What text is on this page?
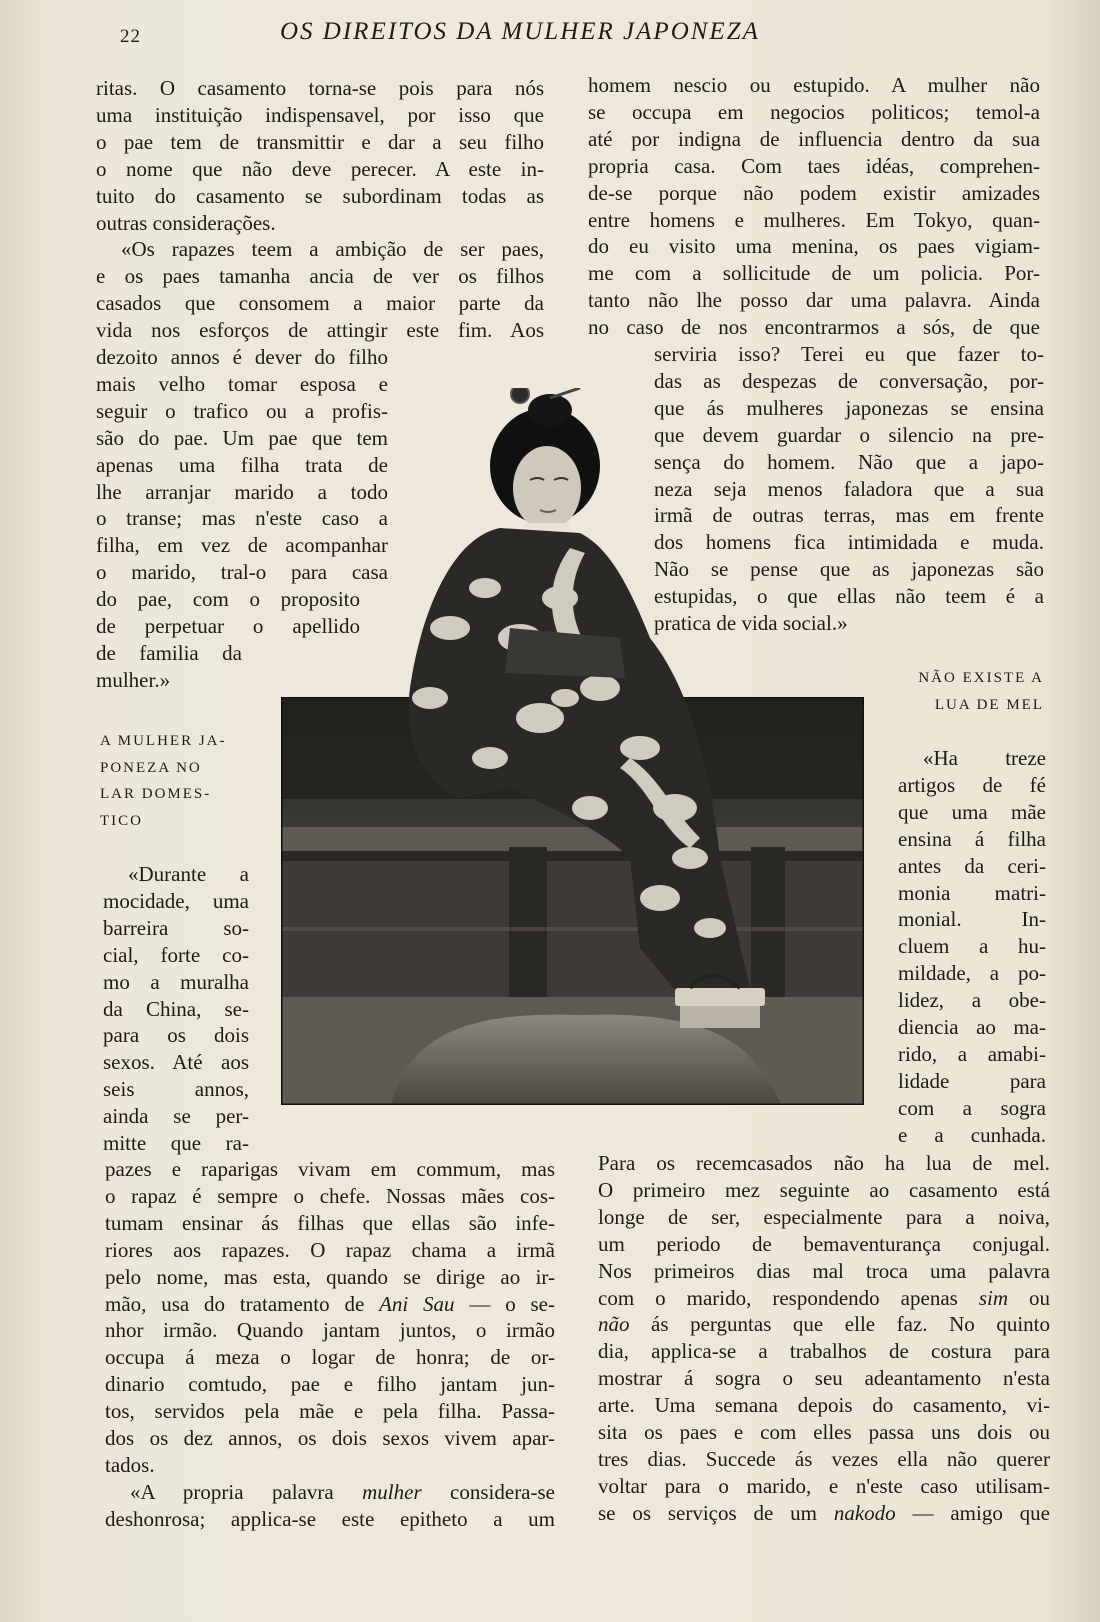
22	OS DIREITOS DA MULHER JAPONEZA
ritas. O casamento torna-se pois para nós
uma instituição indispensavel, por isso que
o pae tem de transmittir e dar a seu filho
o nome que não deve perecer. A este in-
tuito do casamento se subordinam todas as
outras considerações.
«Os rapazes teem a ambição de ser paes,
e os paes tamanha ancia de ver os filhos
casados que consomem a maior parte da
vida nos esforços de attingir este fim. Aos
dezoito annos é dever do filho
mais velho tomar esposa e
seguir o trafico ou a profis-
são do pae. Um pae que tem
apenas uma filha trata de
lhe arranjar marido a todo
o transe; mas n'este caso a
filha, em vez de acompanhar
o marido, tral-o para casa
do pae, com o proposito
de perpetuar o apellido
de familia da
mulher.»
A MULHER JA-
PONEZA NO
LAR DOMES-
TICO
«Durante a
mocidade, uma
barreira so-
cial, forte co-
mo a muralha
da China, se-
para os dois
sexos. Até aos
seis annos,
ainda se per-
mitte que ra-
pazes e raparigas vivam em commum, mas
o rapaz é sempre o chefe. Nossas mães cos-
tumam ensinar ás filhas que ellas são infe-
riores aos rapazes. O rapaz chama a irmã
pelo nome, mas esta, quando se dirige ao ir-
mão, usa do tratamento de Ani Sau — o se-
nhor irmão. Quando jantam juntos, o irmão
occupa á meza o logar de honra; de or-
dinario comtudo, pae e filho jantam jun-
tos, servidos pela mãe e pela filha. Passa-
dos os dez annos, os dois sexos vivem apar-
tados.
«A propria palavra mulher considera-se
deshonrosa; applica-se este epitheto a um
homem nescio ou estupido. A mulher não
se occupa em negocios politicos; temol-a
até por indigna de influencia dentro da sua
propria casa. Com taes idéas, comprehen-
de-se porque não podem existir amizades
entre homens e mulheres. Em Tokyo, quan-
do eu visito uma menina, os paes vigiam-
me com a sollicitude de um policia. Por-
tanto não lhe posso dar uma palavra. Ainda
no caso de nos encontrarmos a sós, de que
serviria isso? Terei eu que fazer to-
das as despezas de conversação, por-
que ás mulheres japonezas se ensina
que devem guardar o silencio na pre-
sença do homem. Não que a japo-
neza seja menos faladora que a sua
irmã de outras terras, mas em frente
dos homens fica intimidada e muda.
Não se pense que as japonezas são
estupidas, o que ellas não teem é a
pratica de vida social.»
NÃO EXISTE A
LUA DE MEL
«Ha treze
artigos de fé
que uma mãe
ensina á filha
antes da ceri-
monia matri-
monial. In-
cluem a hu-
mildade, a po-
lidez, a obe-
diencia ao ma-
rido, a amabi-
lidade para
com a sogra
e a cunhada.
Para os recemcasados não ha lua de mel.
O primeiro mez seguinte ao casamento está
longe de ser, especialmente para a noiva,
um periodo de bemaventurança conjugal.
Nos primeiros dias mal troca uma palavra
com o marido, respondendo apenas sim ou
não ás perguntas que elle faz. No quinto
dia, applica-se a trabalhos de costura para
mostrar á sogra o seu adeantamento n'esta
arte. Uma semana depois do casamento, vi-
sita os paes e com elles passa uns dois ou
tres dias. Succede ás vezes ella não querer
voltar para o marido, e n'este caso utilisam-
se os serviços de um nakodo — amigo que
